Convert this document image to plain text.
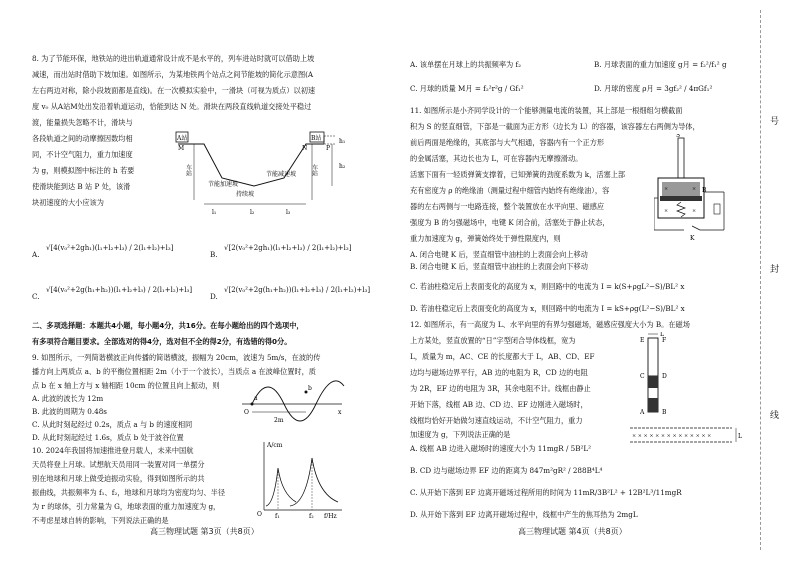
8. 为了节能环保，地铁站的进出轨道通常设计成不是水平的，列车进站时就可以借助上坡
减速，而出站时借助下坡加速。如图所示，为某地铁两个站点之间节能坡的简化示意图(A
左右两边对称，除小段坡面都是直线)。在一次模拟实验中，一滑块（可视为质点）以初速
度 v₀ 从A站M处出发沿着轨道运动，恰能到达 N 处。滑块在两段直线轨道交接处平稳过
渡，能量损失忽略不计，滑块与
各段轨道之间的动摩擦因数均相
同，不计空气阻力，重力加速度
为 g，则模拟图中标注的 h 若要
使滑块能到达 B 站 P 处，该滑
块初速度的大小应该为
A站	B站
M	N	P
h₁
h₂
车站	车站
节能加速坡
节能减速坡
持续坡
l₁	l₂	l₃
A.
√[4(v₀²+2gh₁)(l₁+l₂+l₃) / 2(l₁+l₂)+l₃]
B.
√[2(v₀²+2gh₁)(l₁+l₂+l₃) / 2(l₁+l₂)+l₃]
C.
√[4(v₀²+2g(h₁+h₂))(l₁+l₂+l₃) / 2(l₁+l₂)+l₃]
D.
√[2(v₀²+2g(h₁+h₂))(l₁+l₂+l₃) / 2(l₁+l₂)+l₃]
二、多项选择题：本题共4小题，每小题4分，共16分。在每小题给出的四个选项中，
有多项符合题目要求。全部选对的得4分，选对但不全的得2分，有选错的得0分。
9. 如图所示，一列简谐横波正向传播的简谐横波，振幅为 20cm，波速为 5m/s，在波的传
播方向上两质点 a、b 的平衡位置相距 2m（小于一个波长），当质点 a 在波峰位置时，质
点 b 在 x 轴上方与 x 轴相距 10cm 的位置且向上振动，则
A. 此波的波长为 12m
B. 此波的周期为 0.48s
C. 从此时刻起经过 0.2s，质点 a 与 b 的速度相同
D. 从此时刻起经过 1.6s，质点 b 处于波谷位置
O
a
b
x
2m
10. 2024年我国将加速推进登月载人，未来中国航
天员将登上月球。试想航天员用同一装置对同一单摆分
别在地球和月球上做受迫振动实验，得到如图所示的共
振曲线，共振频率为 f₁、f₂，地球和月球均为密度均匀、半径
为 r 的球体，引力常量为 G，地球表面的重力加速度为 g，
不考虑星球自转的影响，下列说法正确的是
A/cm
O f₁	f₂ f/Hz
高三物理试题 第3页（共8页）
A. 该单摆在月球上的共振频率为 f₂	B. 月球表面的重力加速度 g月 = f₂²/f₁² g
C. 月球的质量 M月 = f₂²r²g / Gf₁²	D. 月球的密度 ρ月 = 3gf₂² / 4πGf₁²
11. 如图所示是小齐同学设计的一个能够测量电流的装置，其上部是一根细组匀横截面
积为 S 的竖直细管，下部是一截面为正方形（边长为 L）的容器，该容器左右两侧为导体，
前后两面是绝缘的，其底部与大气相通，容器内有一个正方形
的金属活塞，其边长也为 L，可在容器内无摩擦滑动。
活塞下面有一轻质弹簧支撑着，已知弹簧的劲度系数为 k，活塞上部
充有密度为 ρ 的绝缘油（测量过程中细管内始终有绝缘油），容
器的左右两侧与一电路连接，整个装置放在水平向里、磁感应
强度为 B 的匀强磁场中，电键 K 闭合前，活塞处于静止状态，
重力加速度为 g，弹簧始终处于弹性限度内，则
A. 闭合电键 K 后，竖直细管中油柱的上表面会向上移动
B. 闭合电键 K 后，竖直细管中油柱的上表面会向下移动
C. 若油柱稳定后上表面变化的高度为 x，则回路中的电流为 I = k(S+ρgL²−S)/BL² x
D. 若油柱稳定后上表面变化的高度为 x，则回路中的电流为 I = kS+ρg(L²−S)/BL² x
S
×	×
×	×
B
K
12. 如图所示，有一高度为 L、水平向里的有界匀强磁场，磁感应强度大小为 B。在磁场
上方某处，竖直放置的“日”字型闭合导体线框，宽为
L，质量为 m，AC、CE 的长度都大于 L，AB、CD、EF
边均与磁场边界平行，AB 边的电阻为 R，CD 边的电阻
为 2R，EF 边的电阻为 3R，其余电阻不计。线框由静止
开始下落，线框 AB 边、CD 边、EF 边刚进入磁场时，
线框均恰好开始做匀速直线运动，不计空气阻力，重力
加速度为 g，下列说法正确的是
A. 线框 AB 边进入磁场时的速度大小为 11mgR / 5B²L²
B. CD 边与磁场边界 EF 边的距离为 847m²gR² / 288B⁴L⁴
C. 从开始下落到 EF 边离开磁场过程所用的时间为 11mR/3B²L² + 12B²L³/11mgR
D. 从开始下落到 EF 边离开磁场过程中，线框中产生的焦耳热为 2mgL
E	F
C	D
A	B
L
× × × × × × × × × × × × × ×	L
高三物理试题 第4页（共8页）
号
封
线
